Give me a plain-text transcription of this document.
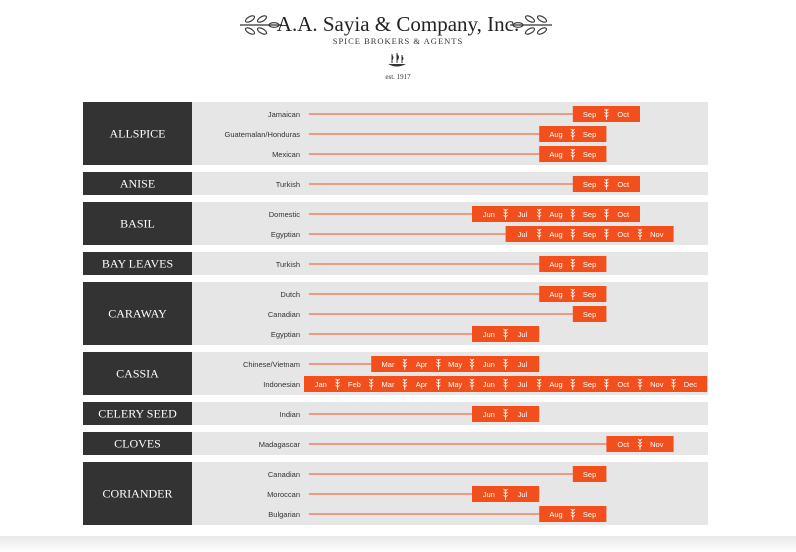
A.A. Sayia & Company, Inc.
SPICE BROKERS & AGENTS
est. 1917
ALLSPICE
Jamaican	Sep	Oct
Guatemalan/Honduras	Aug	Sep
Mexican	Aug	Sep
ANISE	Turkish	Sep	Oct
BASIL
Domestic	Jun	Jul	Aug	Sep	Oct
Egyptian	Jul	Aug	Sep	Oct	Nov
BAY LEAVES	Turkish	Aug	Sep
CARAWAY
Dutch	Aug	Sep
Canadian	Sep
Egyptian	Jun	Jul
CASSIA
Chinese/Vietnam	Mar	Apr	May	Jun	Jul
Indonesian Jan	Feb	Mar	Apr	May	Jun	Jul	Aug	Sep	Oct	Nov	Dec
CELERY SEED	Indian	Jun	Jul
CLOVES	Madagascar	Oct	Nov
CORIANDER
Canadian	Sep
Moroccan	Jun	Jul
Bulgarian	Aug	Sep
